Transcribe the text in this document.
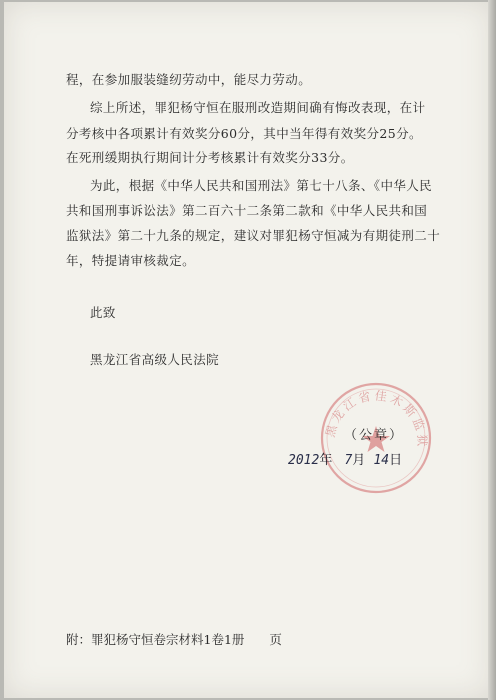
程，在参加服装缝纫劳动中，能尽力劳动。
综上所述，罪犯杨守恒在服刑改造期间确有悔改表现，在计
分考核中各项累计有效奖分60分，其中当年得有效奖分25分。
在死刑缓期执行期间计分考核累计有效奖分33分。
为此，根据《中华人民共和国刑法》第七十八条、《中华人民
共和国刑事诉讼法》第二百六十二条第二款和《中华人民共和国
监狱法》第二十九条的规定，建议对罪犯杨守恒减为有期徒刑二十
年，特提请审核裁定。
此致
黑龙江省高级人民法院
黑龙江省佳木斯监狱
（公章）
2012年 7月 14日
附：罪犯杨守恒卷宗材料1卷1册　　页
